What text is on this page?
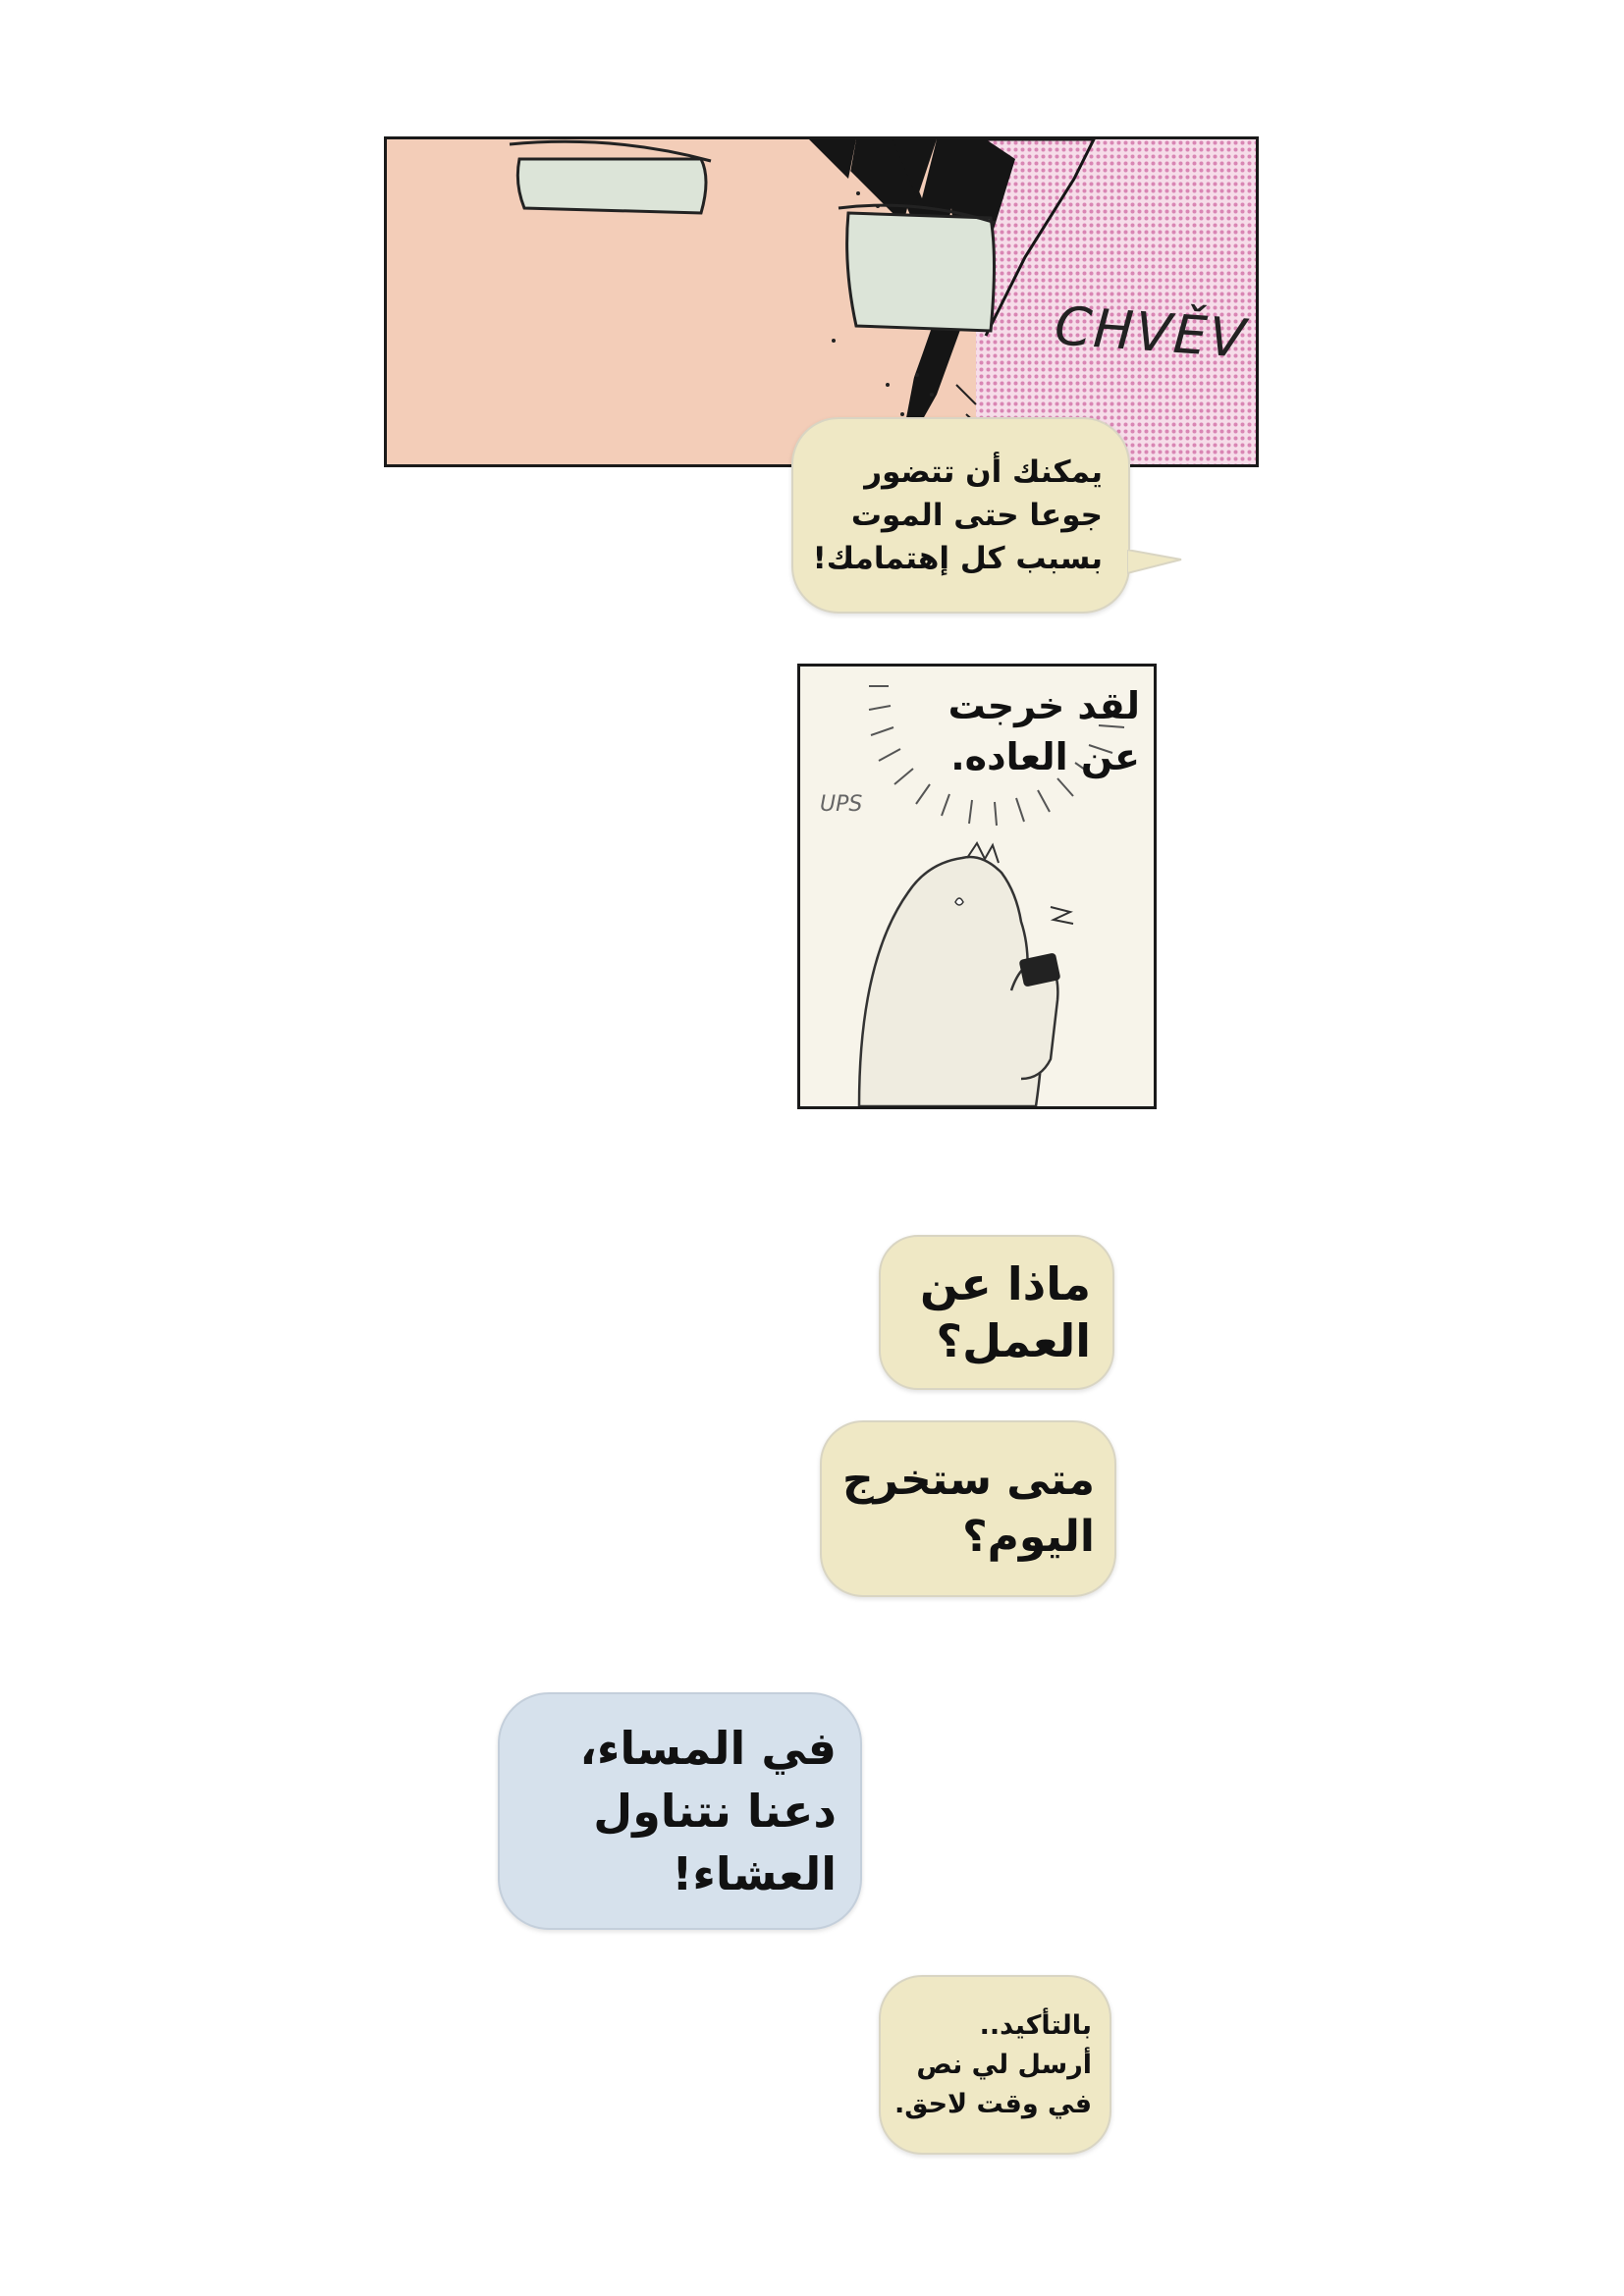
CHVĚV
يمكنك أن تتضور
جوعا حتى الموت
بسبب كل إهتمامك!
لقد خرجت
عن العاده.
UPS
ماذا عن
العمل؟
متى ستخرج
اليوم؟
في المساء،
دعنا نتناول
العشاء!
بالتأكيد..
أرسل لي نص
في وقت لاحق.
